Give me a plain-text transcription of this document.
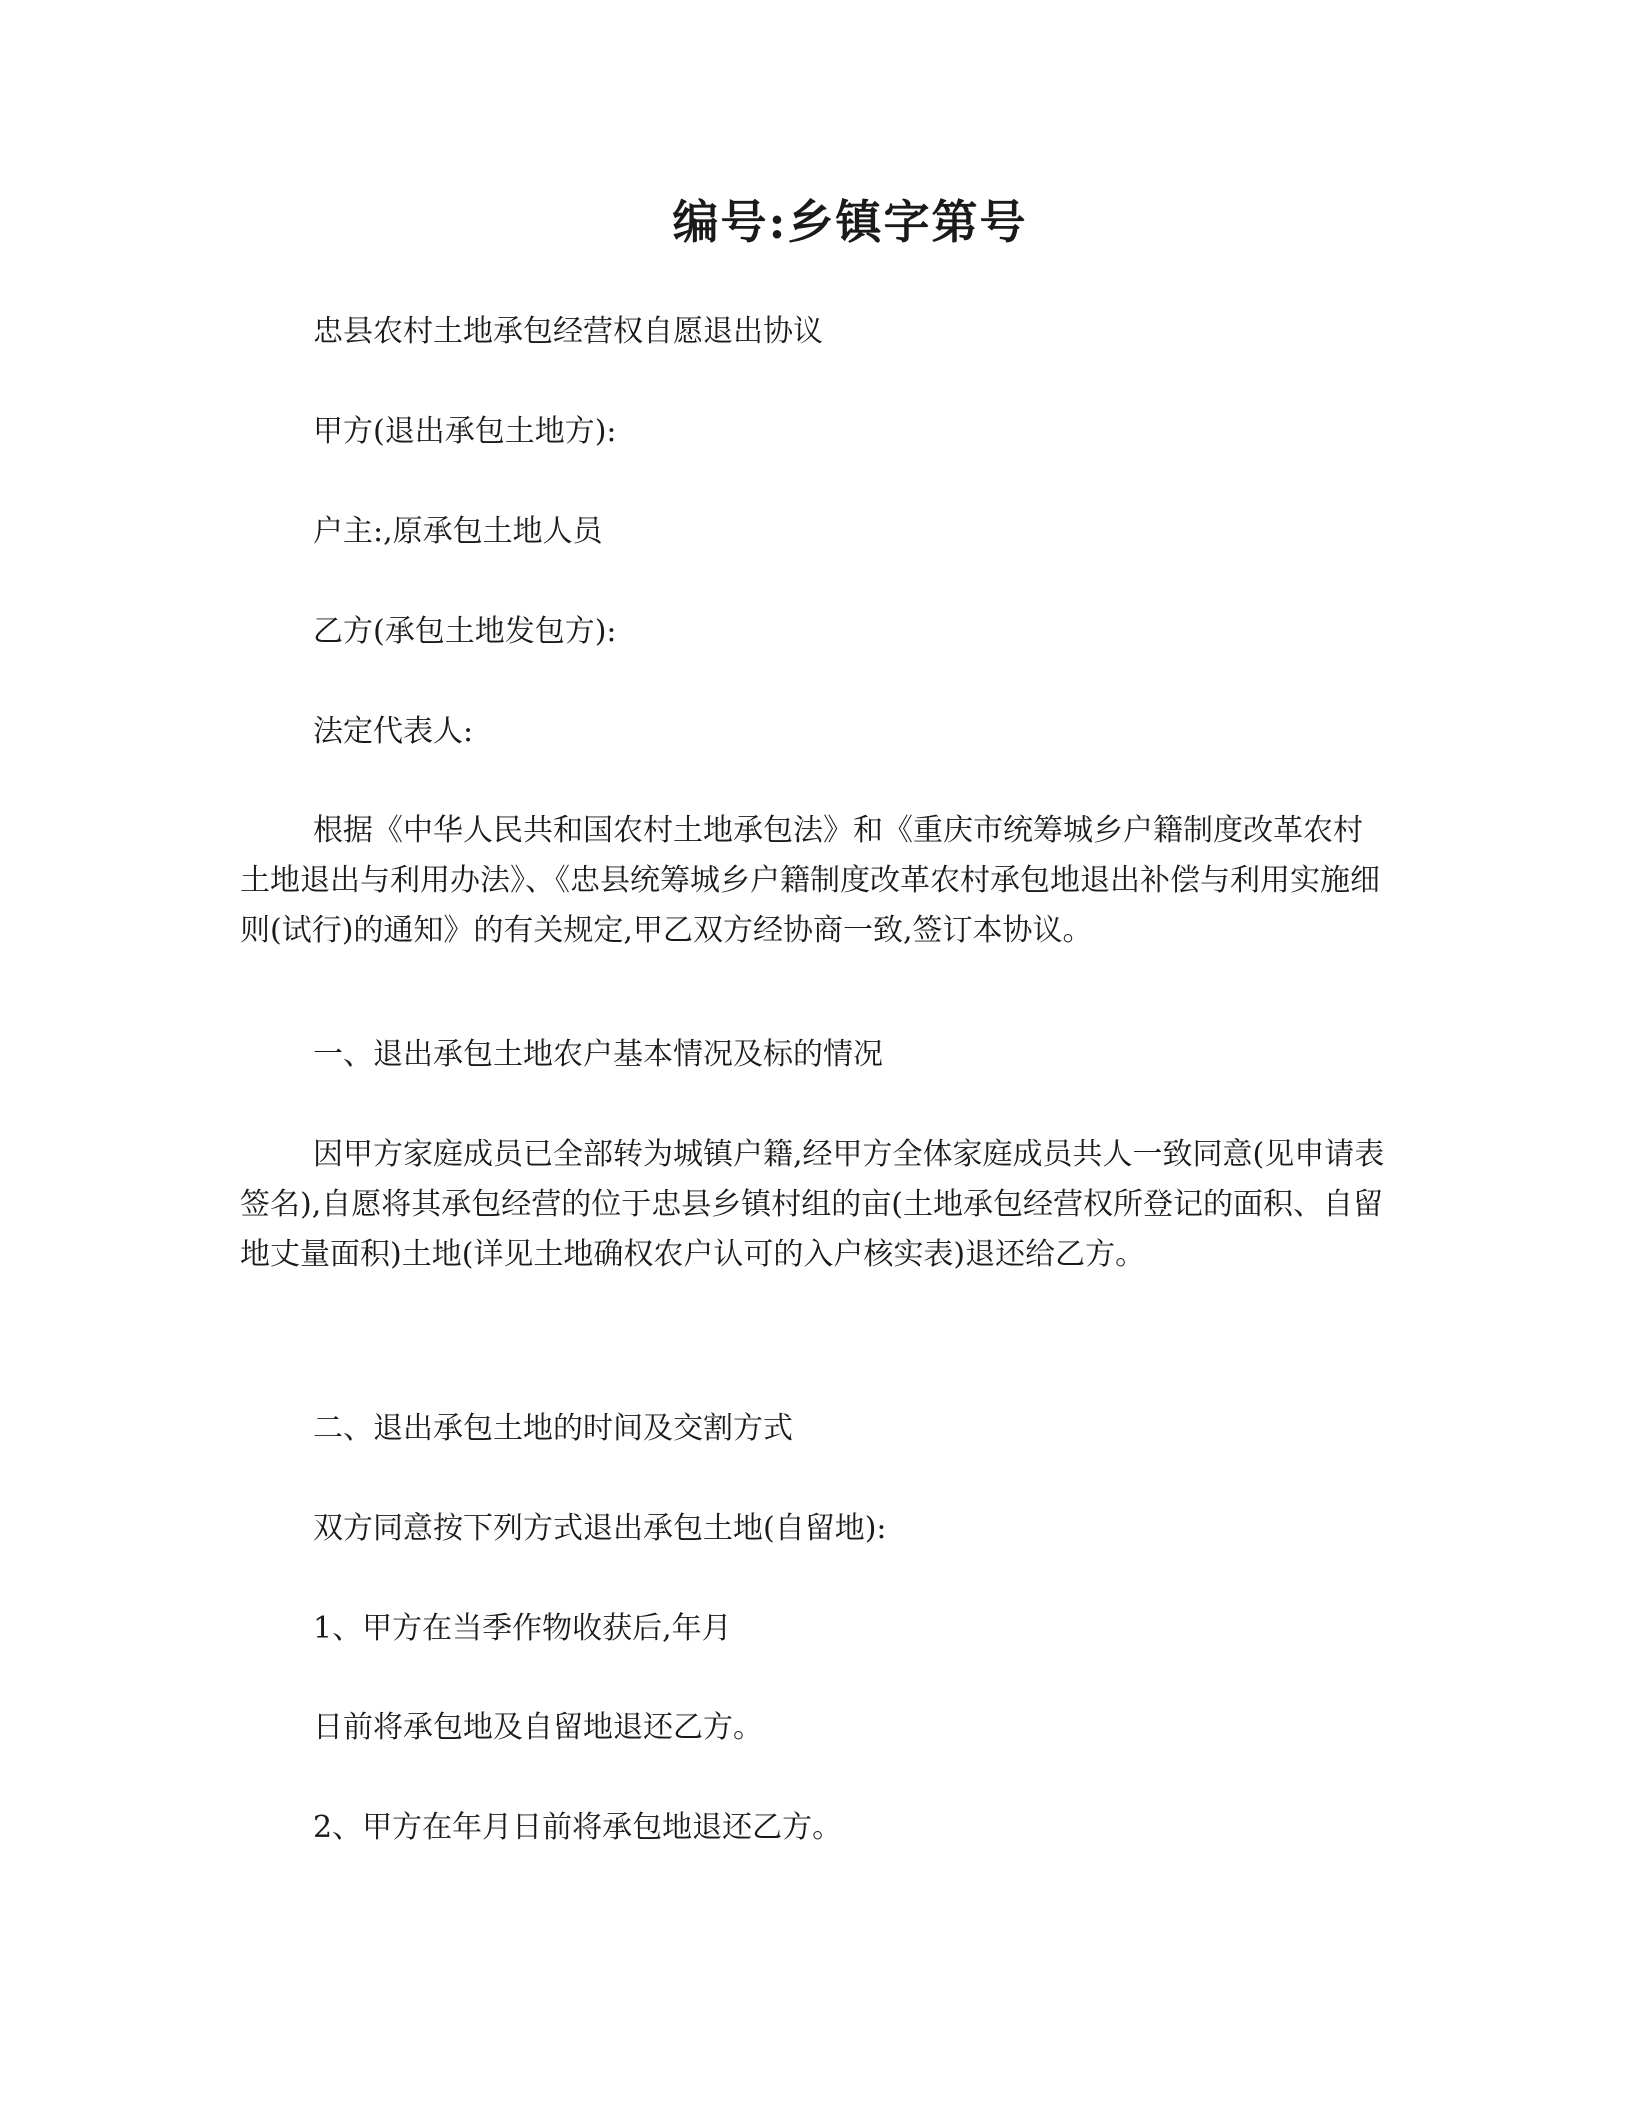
编号:乡镇字第号

忠县农村土地承包经营权自愿退出协议

甲方(退出承包土地方):

户主:,原承包土地人员

乙方(承包土地发包方):

法定代表人:

根据《中华人民共和国农村土地承包法》和《重庆市统筹城乡户籍制度改革农村土地退出与利用办法》、《忠县统筹城乡户籍制度改革农村承包地退出补偿与利用实施细则(试行)的通知》的有关规定,甲乙双方经协商一致,签订本协议。

一、退出承包土地农户基本情况及标的情况

因甲方家庭成员已全部转为城镇户籍,经甲方全体家庭成员共人一致同意(见申请表签名),自愿将其承包经营的位于忠县乡镇村组的亩(土地承包经营权所登记的面积、自留地丈量面积)土地(详见土地确权农户认可的入户核实表)退还给乙方。

二、退出承包土地的时间及交割方式

双方同意按下列方式退出承包土地(自留地):

1、甲方在当季作物收获后,年月

日前将承包地及自留地退还乙方。

2、甲方在年月日前将承包地退还乙方。
